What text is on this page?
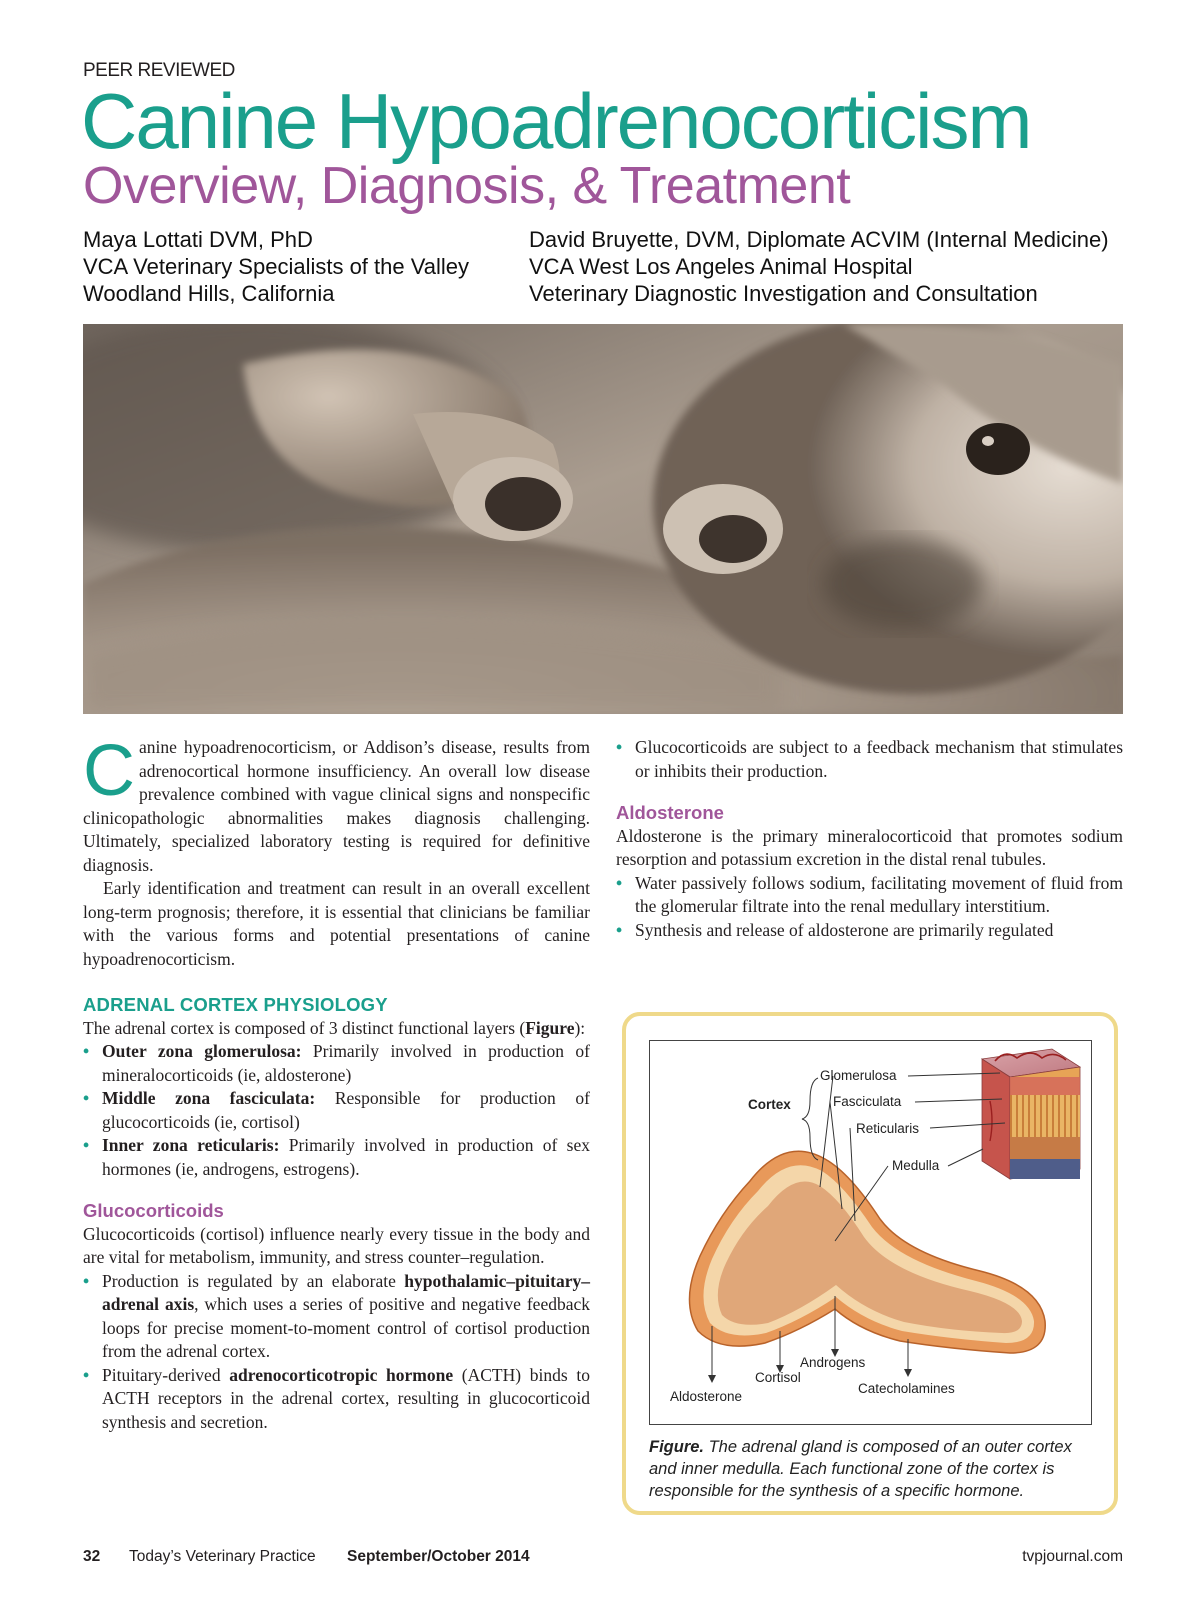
PEER REVIEWED
Canine Hypoadrenocorticism
Overview, Diagnosis, & Treatment
Maya Lottati DVM, PhD
VCA Veterinary Specialists of the Valley
Woodland Hills, California
David Bruyette, DVM, Diplomate ACVIM (Internal Medicine)
VCA West Los Angeles Animal Hospital
Veterinary Diagnostic Investigation and Consultation

Canine hypoadrenocorticism, or Addison’s disease, results from adrenocortical hormone insufficiency. An overall low disease prevalence combined with vague clinical signs and nonspecific clinicopathologic abnormalities makes diagnosis challenging. Ultimately, specialized laboratory testing is required for definitive diagnosis.

Early identification and treatment can result in an overall excellent long-term prognosis; therefore, it is essential that clinicians be familiar with the various forms and potential presentations of canine hypoadrenocorticism.

ADRENAL CORTEX PHYSIOLOGY

The adrenal cortex is composed of 3 distinct functional layers (Figure):

• Outer zona glomerulosa: Primarily involved in production of mineralocorticoids (ie, aldosterone)
• Middle zona fasciculata: Responsible for production of glucocorticoids (ie, cortisol)
• Inner zona reticularis: Primarily involved in production of sex hormones (ie, androgens, estrogens).
Glucocorticoids

Glucocorticoids (cortisol) influence nearly every tissue in the body and are vital for metabolism, immunity, and stress counter–regulation.

• Production is regulated by an elaborate hypothalamic–pituitary–adrenal axis, which uses a series of positive and negative feedback loops for precise moment-to-moment control of cortisol production from the adrenal cortex.
• Pituitary-derived adrenocorticotropic hormone (ACTH) binds to ACTH receptors in the adrenal cortex, resulting in glucocorticoid synthesis and secretion.
• Glucocorticoids are subject to a feedback mechanism that stimulates or inhibits their production.
Aldosterone

Aldosterone is the primary mineralocorticoid that promotes sodium resorption and potassium excretion in the distal renal tubules.

• Water passively follows sodium, facilitating movement of fluid from the glomerular filtrate into the renal medullary interstitium.
• Synthesis and release of aldosterone are primarily regulated
Cortex
Glomerulosa
Fasciculata
Reticularis
Medulla
Androgens
Cortisol
Aldosterone
Catecholamines
Figure. The adrenal gland is composed of an outer cortex and inner medulla. Each functional zone of the cortex is responsible for the synthesis of a specific hormone.
32 Today’s Veterinary Practice September/October 2014	tvpjournal.com
